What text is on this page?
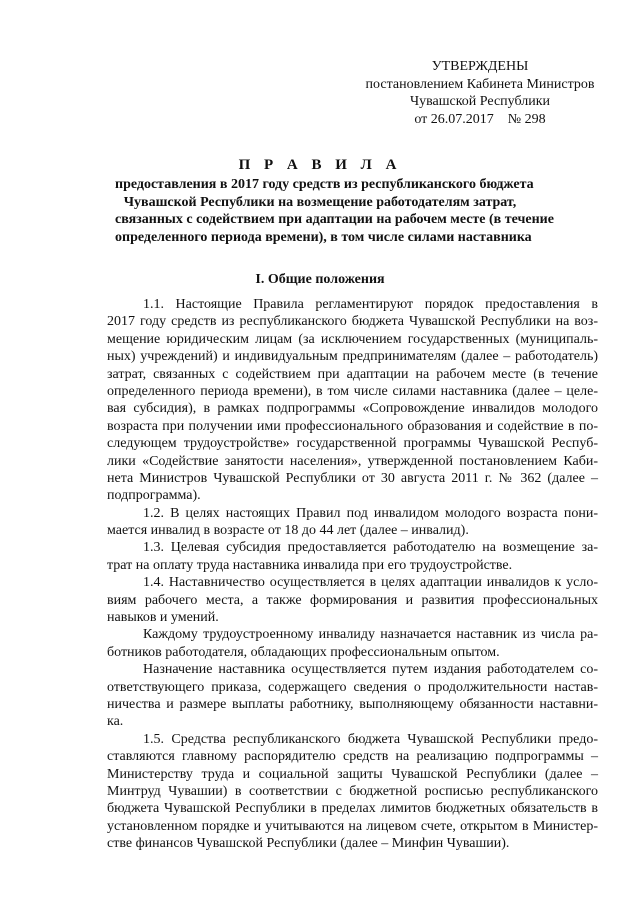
УТВЕРЖДЕНЫ
постановлением Кабинета Министров
Чувашской Республики
от 26.07.2017    № 298
П Р А В И Л А
предоставления в 2017 году средств из республиканского бюджета
Чувашской Республики на возмещение работодателям затрат,
связанных с содействием при адаптации на рабочем месте (в течение
определенного периода времени), в том числе силами наставника
I. Общие положения
1.1. Настоящие Правила регламентируют порядок предоставления в
2017 году средств из республиканского бюджета Чувашской Республики на воз-
мещение юридическим лицам (за исключением государственных (муниципаль-
ных) учреждений) и индивидуальным предпринимателям (далее – работодатель)
затрат, связанных с содействием при адаптации на рабочем месте (в течение
определенного периода времени), в том числе силами наставника (далее – целе-
вая субсидия), в рамках подпрограммы «Сопровождение инвалидов молодого
возраста при получении ими профессионального образования и содействие в по-
следующем трудоустройстве» государственной программы Чувашской Респуб-
лики «Содействие занятости населения», утвержденной постановлением Каби-
нета Министров Чувашской Республики от 30 августа 2011 г. № 362 (далее –
подпрограмма).
1.2. В целях настоящих Правил под инвалидом молодого возраста пони-
мается инвалид в возрасте от 18 до 44 лет (далее – инвалид).
1.3. Целевая субсидия предоставляется работодателю на возмещение за-
трат на оплату труда наставника инвалида при его трудоустройстве.
1.4. Наставничество осуществляется в целях адаптации инвалидов к усло-
виям рабочего места, а также формирования и развития профессиональных
навыков и умений.
Каждому трудоустроенному инвалиду назначается наставник из числа ра-
ботников работодателя, обладающих профессиональным опытом.
Назначение наставника осуществляется путем издания работодателем со-
ответствующего приказа, содержащего сведения о продолжительности настав-
ничества и размере выплаты работнику, выполняющему обязанности наставни-
ка.
1.5. Средства республиканского бюджета Чувашской Республики предо-
ставляются главному распорядителю средств на реализацию подпрограммы –
Министерству труда и социальной защиты Чувашской Республики (далее –
Минтруд Чувашии) в соответствии с бюджетной росписью республиканского
бюджета Чувашской Республики в пределах лимитов бюджетных обязательств в
установленном порядке и учитываются на лицевом счете, открытом в Министер-
стве финансов Чувашской Республики (далее – Минфин Чувашии).
